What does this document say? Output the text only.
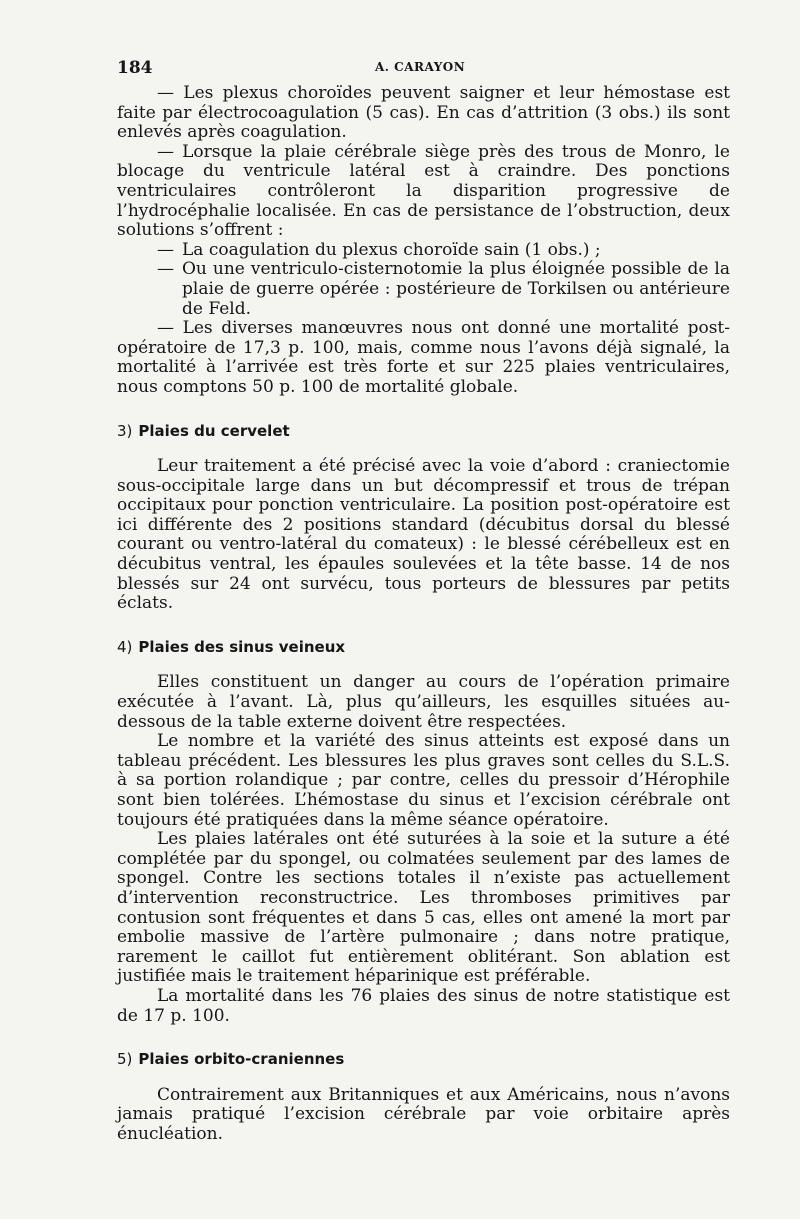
184	A. CARAYON

— Les plexus choroïdes peuvent saigner et leur hémostase est faite par électrocoagulation (5 cas). En cas d’attrition (3 obs.) ils sont enlevés après coagulation.

— Lorsque la plaie cérébrale siège près des trous de Monro, le blocage du ventricule latéral est à craindre. Des ponctions ventriculaires contrôleront la disparition progressive de l’hydrocéphalie localisée. En cas de persistance de l’obstruction, deux solutions s’offrent :

— La coagulation du plexus choroïde sain (1 obs.) ;
— Ou une ventriculo-cisternotomie la plus éloignée possible de la plaie de guerre opérée : postérieure de Torkilsen ou antérieure de Feld.

— Les diverses manœuvres nous ont donné une mortalité post-opératoire de 17,3 p. 100, mais, comme nous l’avons déjà signalé, la mortalité à l’arrivée est très forte et sur 225 plaies ventriculaires, nous comptons 50 p. 100 de mortalité globale.

3) Plaies du cervelet

Leur traitement a été précisé avec la voie d’abord : craniectomie sous-occipitale large dans un but décompressif et trous de trépan occipitaux pour ponction ventriculaire. La position post-opératoire est ici différente des 2 positions standard (décubitus dorsal du blessé courant ou ventro-latéral du comateux) : le blessé cérébelleux est en décubitus ventral, les épaules soulevées et la tête basse. 14 de nos blessés sur 24 ont survécu, tous porteurs de blessures par petits éclats.

4) Plaies des sinus veineux

Elles constituent un danger au cours de l’opération primaire exécutée à l’avant. Là, plus qu’ailleurs, les esquilles situées au-dessous de la table externe doivent être respectées.

Le nombre et la variété des sinus atteints est exposé dans un tableau précédent. Les blessures les plus graves sont celles du S.L.S. à sa portion rolandique ; par contre, celles du pressoir d’Hérophile sont bien tolérées. L’hémostase du sinus et l’excision cérébrale ont toujours été pratiquées dans la même séance opératoire.

Les plaies latérales ont été suturées à la soie et la suture a été complétée par du spongel, ou colmatées seulement par des lames de spongel. Contre les sections totales il n’existe pas actuellement d’intervention reconstructrice. Les thromboses primitives par contusion sont fréquentes et dans 5 cas, elles ont amené la mort par embolie massive de l’artère pulmonaire ; dans notre pratique, rarement le caillot fut entièrement oblitérant. Son ablation est justifiée mais le traitement héparinique est préférable.

La mortalité dans les 76 plaies des sinus de notre statistique est de 17 p. 100.

5) Plaies orbito-craniennes

Contrairement aux Britanniques et aux Américains, nous n’avons jamais pratiqué l’excision cérébrale par voie orbitaire après énucléation.
